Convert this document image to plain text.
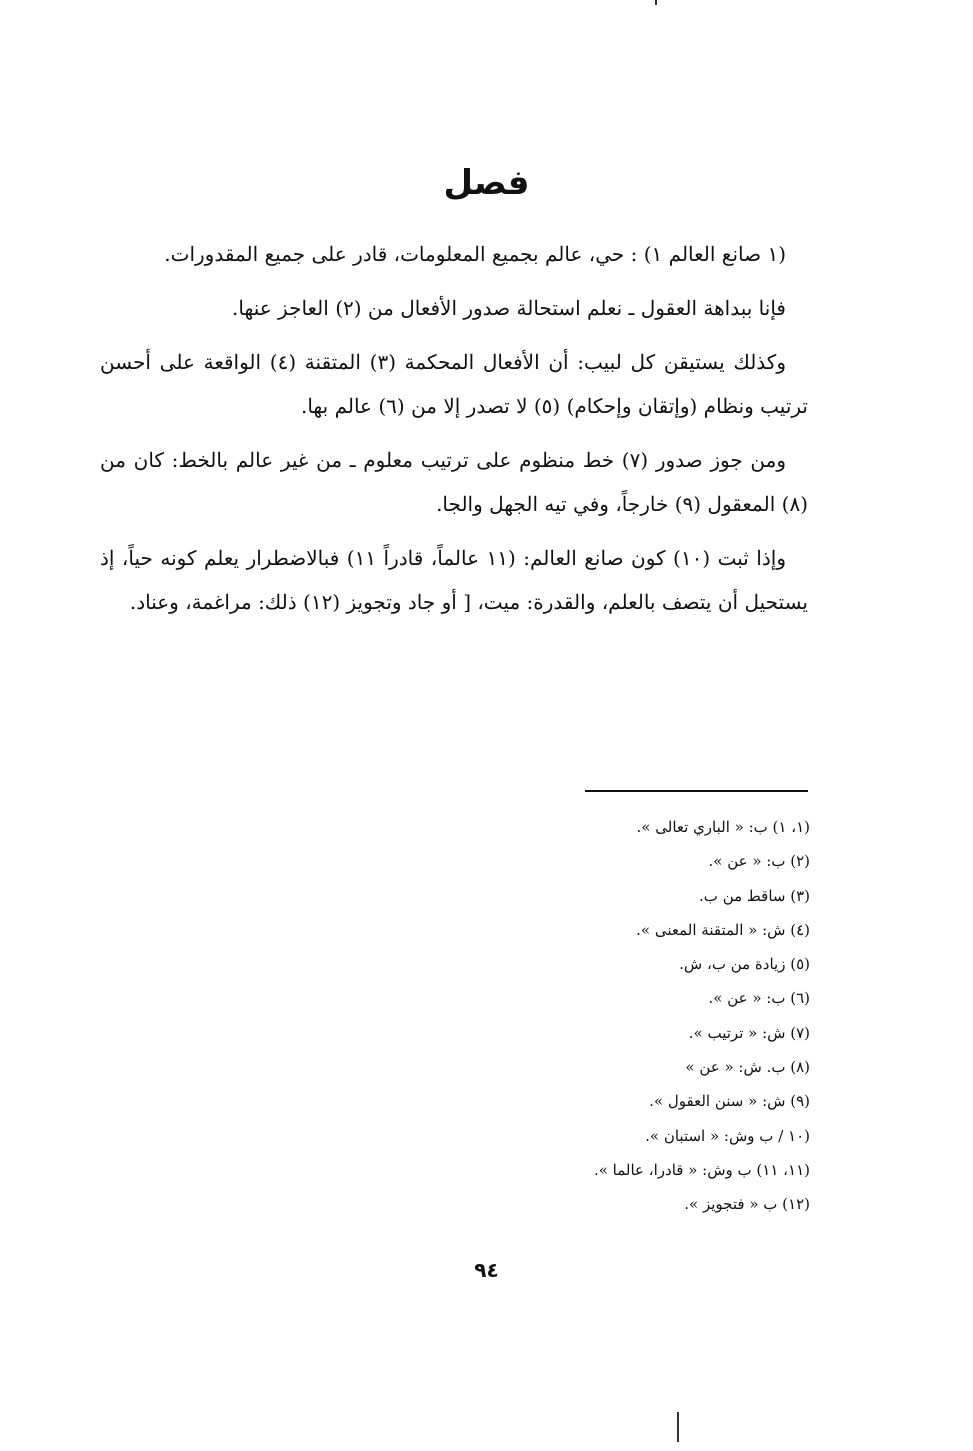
فصل

(١ صانع العالم ١) : حي، عالم بجميع المعلومات، قادر على جميع المقدورات.

فإنا ببداهة العقول ـ نعلم استحالة صدور الأفعال من (٢) العاجز عنها.

وكذلك يستيقن كل لبيب: أن الأفعال المحكمة (٣) المتقنة (٤) الواقعة على أحسن ترتيب ونظام (وإتقان وإحكام) (٥) لا تصدر إلا من (٦) عالم بها.

ومن جوز صدور (٧) خط منظوم على ترتيب معلوم ـ من غير عالم بالخط: كان من (٨) المعقول (٩) خارجاً، وفي تيه الجهل والجا.

وإذا ثبت (١٠) كون صانع العالم: (١١ عالماً، قادراً ١١) فبالاضطرار يعلم كونه حياً، إذ يستحيل أن يتصف بالعلم، والقدرة: ميت، [ أو جاد وتجويز (١٢) ذلك: مراغمة، وعناد.

(١، ١) ب: « الباري تعالى ».
(٢) ب: « عن ».
(٣) ساقط من ب.
(٤) ش: « المتقنة المعنى ».
(٥) زيادة من ب، ش.
(٦) ب: « عن ».
(٧) ش: « ترتيب ».
(٨) ب. ش: « عن »
(٩) ش: « سنن العقول ».
(١٠ / ب وش: « استبان ».
(١١، ١١) ب وش: « قادرا، عالما ».
(١٢) ب « فتجويز ».
٩٤
